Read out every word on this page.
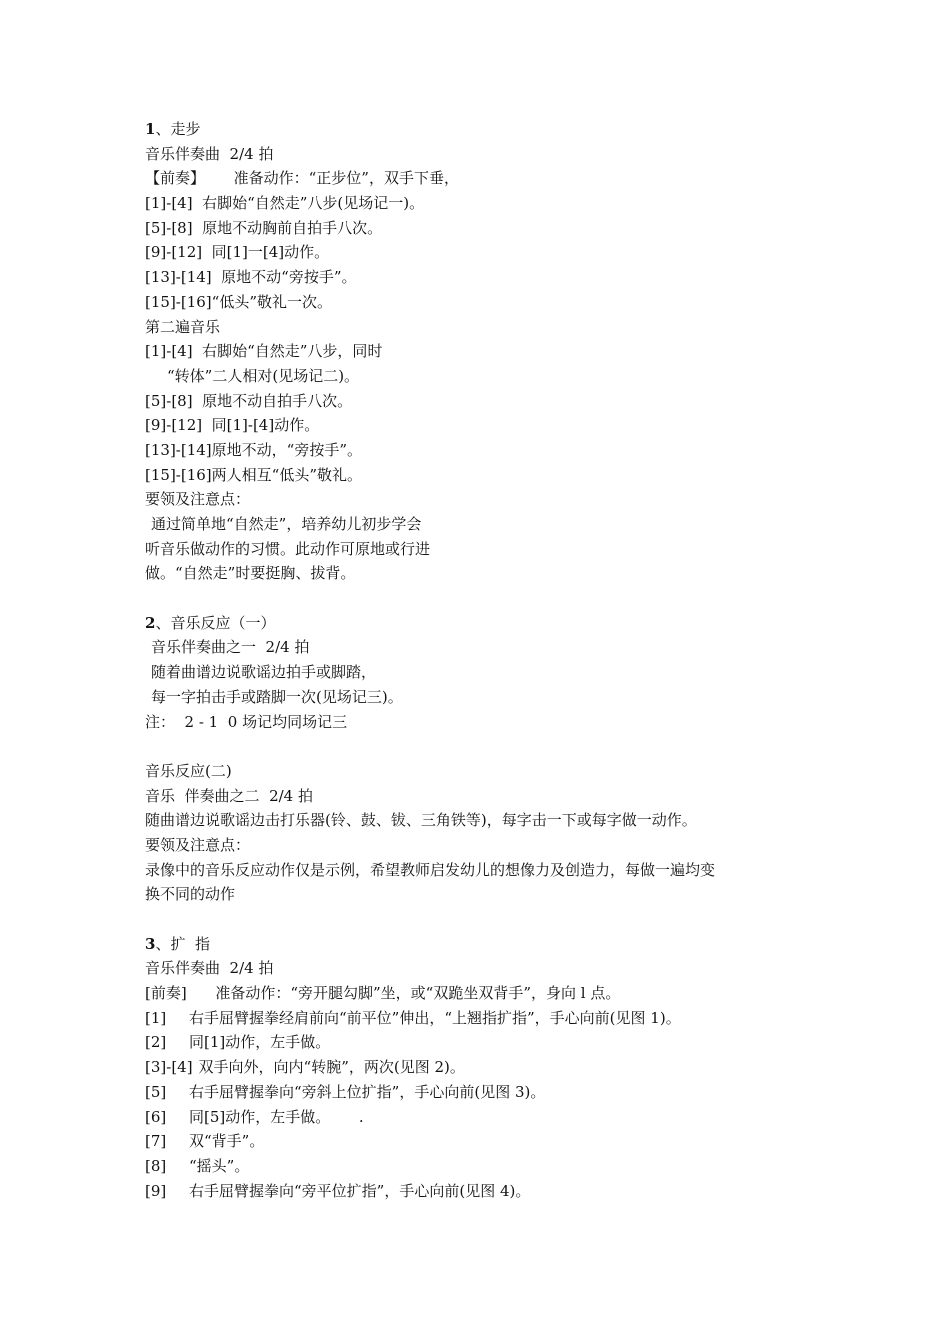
1、走步
音乐伴奏曲  2/4 拍
【前奏】      准备动作：“正步位”，双手下垂，
[1]-[4]  右脚始“自然走”八步(见场记一)。
[5]-[8]  原地不动胸前自拍手八次。
[9]-[12]  同[1]一[4]动作。
[13]-[14]  原地不动“旁按手”。
[15]-[16]“低头”敬礼一次。
第二遍音乐
[1]-[4]  右脚始“自然走”八步，同时
“转体”二人相对(见场记二)。
[5]-[8]  原地不动自拍手八次。
[9]-[12]  同[1]-[4]动作。
[13]-[14]原地不动，“旁按手”。
[15]-[16]两人相互“低头”敬礼。
要领及注意点：
通过简单地“自然走”，培养幼儿初步学会
听音乐做动作的习惯。此动作可原地或行进
做。“自然走”时要挺胸、拔背。
2、音乐反应（一）
音乐伴奏曲之一  2/4 拍
随着曲谱边说歌谣边拍手或脚踏，
每一字拍击手或踏脚一次(见场记三)。
注：  2 - 1  0 场记均同场记三
音乐反应(二)
音乐  伴奏曲之二  2/4 拍
随曲谱边说歌谣边击打乐器(铃、鼓、钹、三角铁等)，每字击一下或每字做一动作。
要领及注意点：
录像中的音乐反应动作仅是示例，希望教师启发幼儿的想像力及创造力，每做一遍均变
换不同的动作
3、扩  指
音乐伴奏曲  2/4 拍
[前奏]      准备动作：“旁开腿勾脚”坐，或“双跪坐双背手”，身向 l 点。
[1] 右手屈臂握拳经肩前向“前平位”伸出，“上翘指扩指”，手心向前(见图 1)。
[2] 同[1]动作，左手做。
[3]-[4]  双手向外，向内“转腕”，两次(见图 2)。
[5] 右手屈臂握拳向“旁斜上位扩指”，手心向前(见图 3)。
[6] 同[5]动作，左手做。      .
[7] 双“背手”。
[8] “摇头”。
[9] 右手屈臂握拳向“旁平位扩指”，手心向前(见图 4)。
